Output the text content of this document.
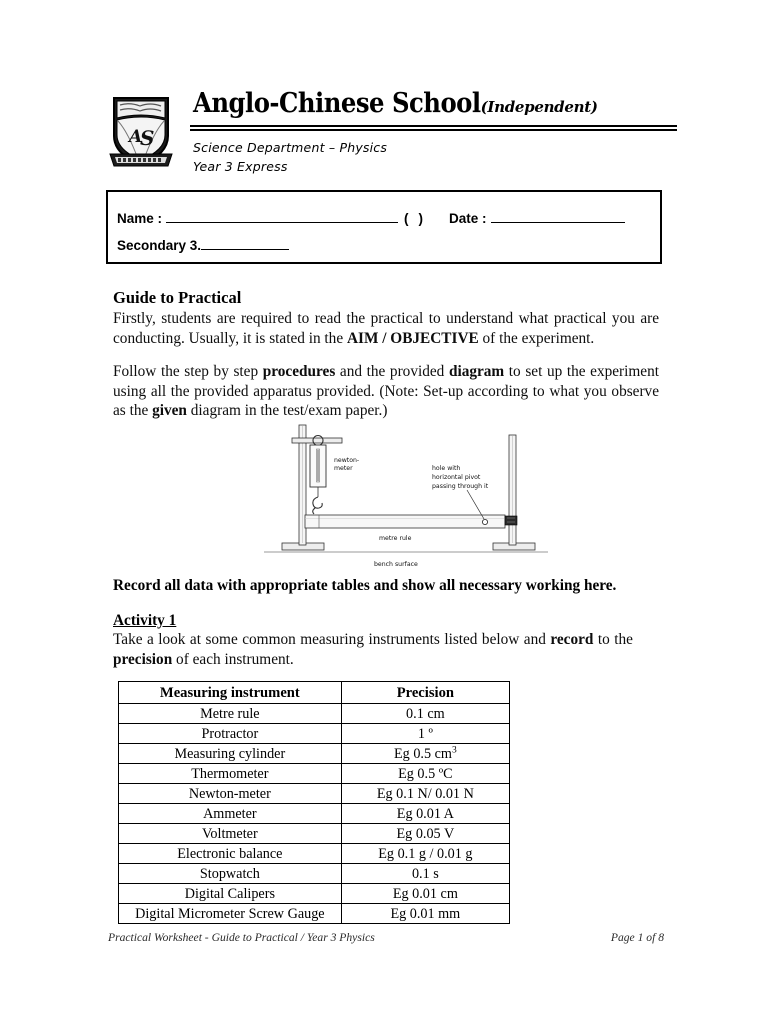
A
S
Anglo-Chinese School(Independent)
Science Department – Physics
Year 3 Express
Name :	() Date :
Secondary 3.
Guide to Practical
Firstly, students are required to read the practical to understand what practical you are conducting. Usually, it is stated in the AIM / OBJECTIVE of the experiment.
Follow the step by step procedures and the provided diagram to set up the experiment using all the provided apparatus provided. (Note: Set-up according to what you observe as the given diagram in the test/exam paper.)
newton-
meter	hole with
horizontal pivot
passing through it
metre rule
bench surface
Record all data with appropriate tables and show all necessary working here.
Activity 1
Take a look at some common measuring instruments listed below and record to the precision of each instrument.
Measuring instrument	Precision
Metre rule	0.1 cm
Protractor	1 º
Measuring cylinder	Eg 0.5 $cm^3$
Thermometer	Eg 0.5 ºC
Newton-meter	Eg 0.1 N/ 0.01 N
Ammeter	Eg 0.01 A
Voltmeter	Eg 0.05 V
Electronic balance	Eg 0.1 g / 0.01 g
Stopwatch	0.1 s
Digital Calipers	Eg 0.01 cm
Digital Micrometer Screw Gauge	Eg 0.01 mm
Practical Worksheet - Guide to Practical / Year 3 Physics	Page 1 of 8
